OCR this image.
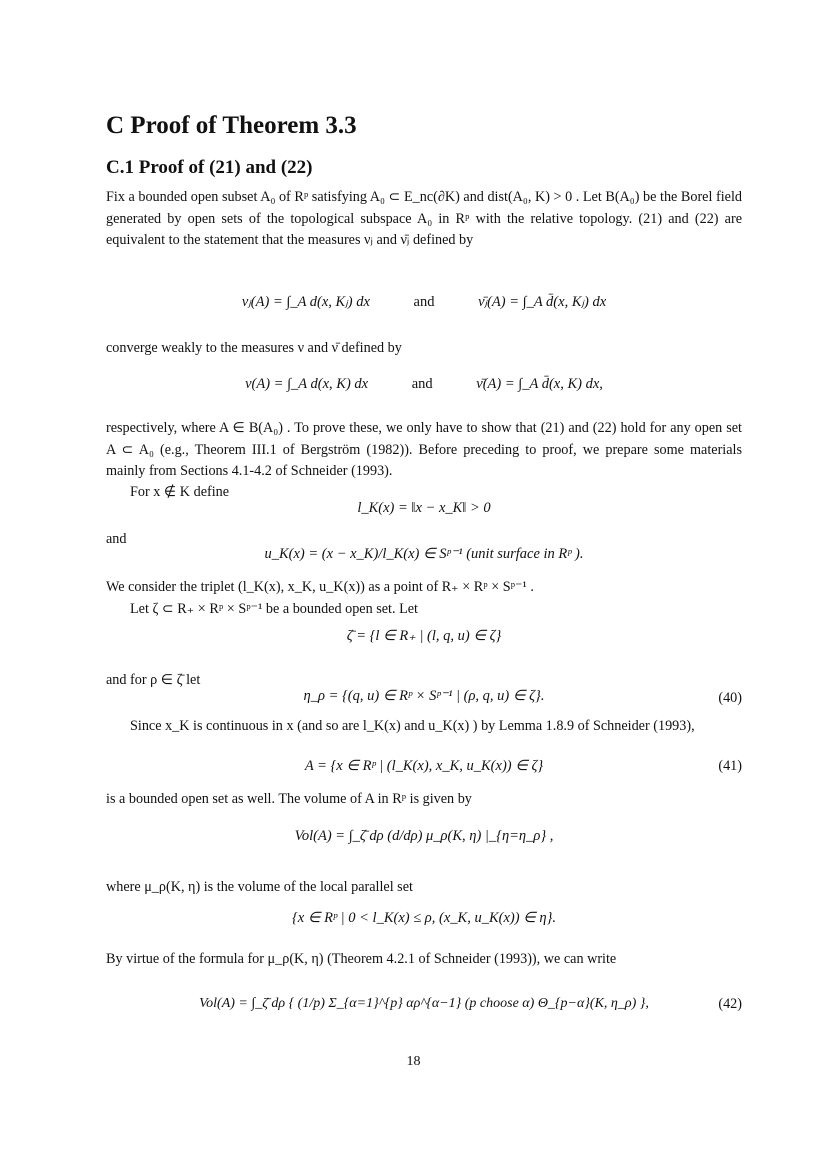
C Proof of Theorem 3.3
C.1 Proof of (21) and (22)

Fix a bounded open subset A₀ of Rᵖ satisfying A₀ ⊂ E_nc(∂K) and dist(A₀, K) > 0 . Let B(A₀) be the Borel field generated by open sets of the topological subspace A₀ in Rᵖ with the relative topology. (21) and (22) are equivalent to the statement that the measures νⱼ and ν̄ⱼ defined by

νⱼ(A) = ∫_A d(x, Kⱼ) dx	and	ν̄ⱼ(A) = ∫_A d̄(x, Kⱼ) dx

converge weakly to the measures ν and ν̄ defined by

ν(A) = ∫_A d(x, K) dx	and	ν̄(A) = ∫_A d̄(x, K) dx,

respectively, where A ∈ B(A₀) . To prove these, we only have to show that (21) and (22) hold for any open set A ⊂ A₀ (e.g., Theorem III.1 of Bergström (1982)). Before preceding to proof, we prepare some materials mainly from Sections 4.1-4.2 of Schneider (1993).

For x ∉ K define

l_K(x) = ‖x − x_K‖ > 0

and

u_K(x) = (x − x_K)/l_K(x) ∈ Sᵖ⁻¹ (unit surface in Rᵖ ).

We consider the triplet (l_K(x), x_K, u_K(x)) as a point of R₊ × Rᵖ × Sᵖ⁻¹ .

Let ζ ⊂ R₊ × Rᵖ × Sᵖ⁻¹ be a bounded open set. Let

ζ̄ = {l ∈ R₊ | (l, q, u) ∈ ζ}

and for ρ ∈ ζ̄ let

η_ρ = {(q, u) ∈ Rᵖ × Sᵖ⁻¹ | (ρ, q, u) ∈ ζ}.	(40)

Since x_K is continuous in x (and so are l_K(x) and u_K(x) ) by Lemma 1.8.9 of Schneider (1993),

A = {x ∈ Rᵖ | (l_K(x), x_K, u_K(x)) ∈ ζ}	(41)

is a bounded open set as well. The volume of A in Rᵖ is given by

Vol(A) = ∫_ζ̄ dρ (d/dρ) μ_ρ(K, η) |_{η=η_ρ} ,

where μ_ρ(K, η) is the volume of the local parallel set

{x ∈ Rᵖ | 0 < l_K(x) ≤ ρ, (x_K, u_K(x)) ∈ η}.

By virtue of the formula for μ_ρ(K, η) (Theorem 4.2.1 of Schneider (1993)), we can write

Vol(A) = ∫_ζ̄ dρ { (1/p) Σ_{α=1}^{p} αρ^{α−1} (p choose α) Θ_{p−α}(K, η_ρ) },	(42)
18
